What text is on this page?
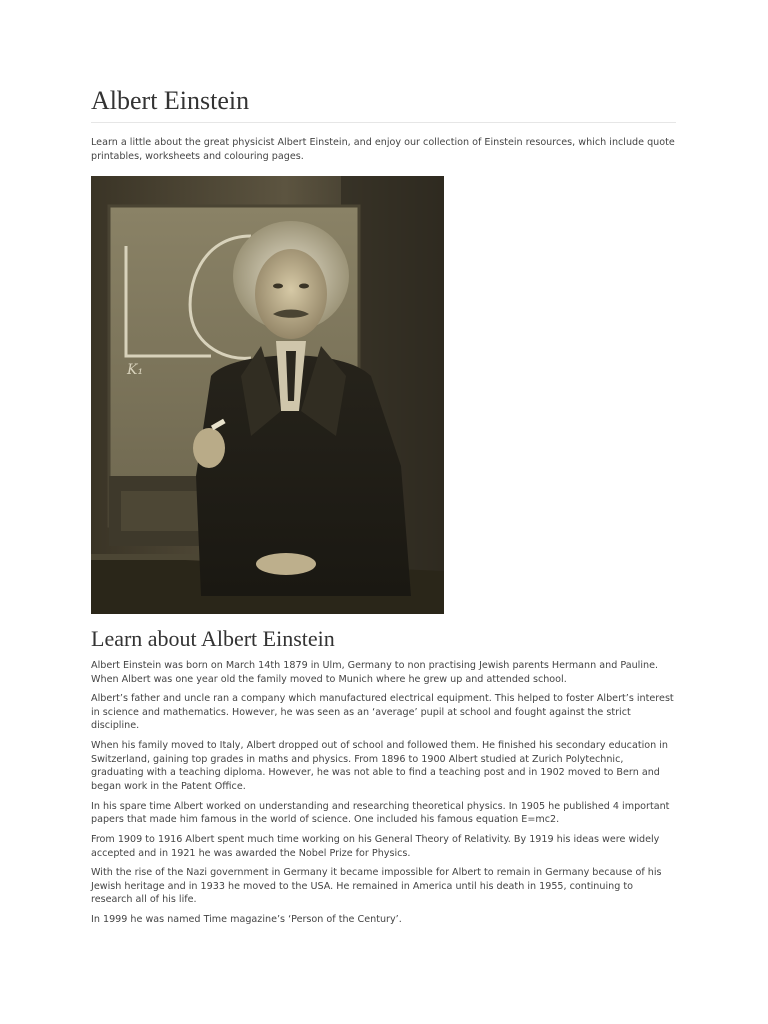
Albert Einstein

Learn a little about the great physicist Albert Einstein, and enjoy our collection of Einstein resources, which include quote printables, worksheets and colouring pages.

K₁
Learn about Albert Einstein

Albert Einstein was born on March 14th 1879 in Ulm, Germany to non practising Jewish parents Hermann and Pauline. When Albert was one year old the family moved to Munich where he grew up and attended school.

Albert’s father and uncle ran a company which manufactured electrical equipment. This helped to foster Albert’s interest in science and mathematics. However, he was seen as an ‘average’ pupil at school and fought against the strict discipline.

When his family moved to Italy, Albert dropped out of school and followed them. He finished his secondary education in Switzerland, gaining top grades in maths and physics. From 1896 to 1900 Albert studied at Zurich Polytechnic, graduating with a teaching diploma. However, he was not able to find a teaching post and in 1902 moved to Bern and began work in the Patent Office.

In his spare time Albert worked on understanding and researching theoretical physics. In 1905 he published 4 important papers that made him famous in the world of science. One included his famous equation E=mc2.

From 1909 to 1916 Albert spent much time working on his General Theory of Relativity. By 1919 his ideas were widely accepted and in 1921 he was awarded the Nobel Prize for Physics.

With the rise of the Nazi government in Germany it became impossible for Albert to remain in Germany because of his Jewish heritage and in 1933 he moved to the USA. He remained in America until his death in 1955, continuing to research all of his life.

In 1999 he was named Time magazine’s ‘Person of the Century’.
